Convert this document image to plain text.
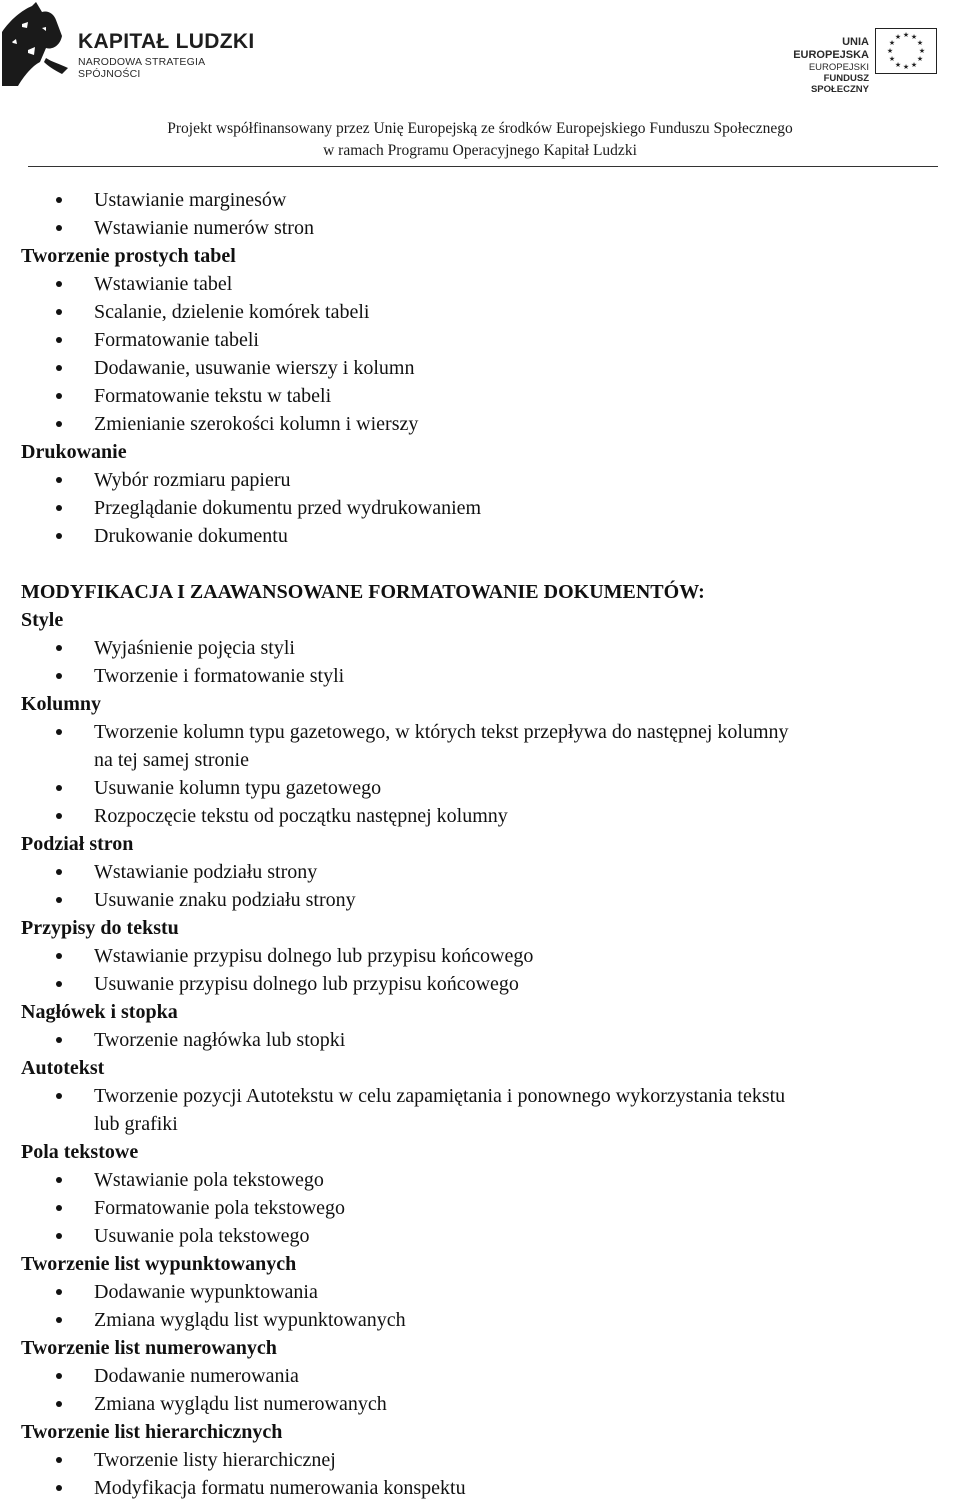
KAPITAŁ LUDZKI
NARODOWA STRATEGIA SPÓJNOŚCI
UNIA EUROPEJSKA
EUROPEJSKI
FUNDUSZ SPOŁECZNY
★ ★
★
★
★
★
★
★
★
★
★
★
Projekt współfinansowany przez Unię Europejską ze środków Europejskiego Funduszu Społecznego
w ramach Programu Operacyjnego Kapitał Ludzki
Ustawianie marginesów
Wstawianie numerów stron
Tworzenie prostych tabel
Wstawianie tabel
Scalanie, dzielenie komórek tabeli
Formatowanie tabeli
Dodawanie, usuwanie wierszy i kolumn
Formatowanie tekstu w tabeli
Zmienianie szerokości kolumn i wierszy
Drukowanie
Wybór rozmiaru papieru
Przeglądanie dokumentu przed wydrukowaniem
Drukowanie dokumentu
MODYFIKACJA I ZAAWANSOWANE FORMATOWANIE DOKUMENTÓW:
Style
Wyjaśnienie pojęcia styli
Tworzenie i formatowanie styli
Kolumny
Tworzenie kolumn typu gazetowego, w których tekst przepływa do następnej kolumny
na tej samej stronie
Usuwanie kolumn typu gazetowego
Rozpoczęcie tekstu od początku następnej kolumny
Podział stron
Wstawianie podziału strony
Usuwanie znaku podziału strony
Przypisy do tekstu
Wstawianie przypisu dolnego lub przypisu końcowego
Usuwanie przypisu dolnego lub przypisu końcowego
Nagłówek i stopka
Tworzenie nagłówka lub stopki
Autotekst
Tworzenie pozycji Autotekstu w celu zapamiętania i ponownego wykorzystania tekstu
lub grafiki
Pola tekstowe
Wstawianie pola tekstowego
Formatowanie pola tekstowego
Usuwanie pola tekstowego
Tworzenie list wypunktowanych
Dodawanie wypunktowania
Zmiana wyglądu list wypunktowanych
Tworzenie list numerowanych
Dodawanie numerowania
Zmiana wyglądu list numerowanych
Tworzenie list hierarchicznych
Tworzenie listy hierarchicznej
Modyfikacja formatu numerowania konspektu
